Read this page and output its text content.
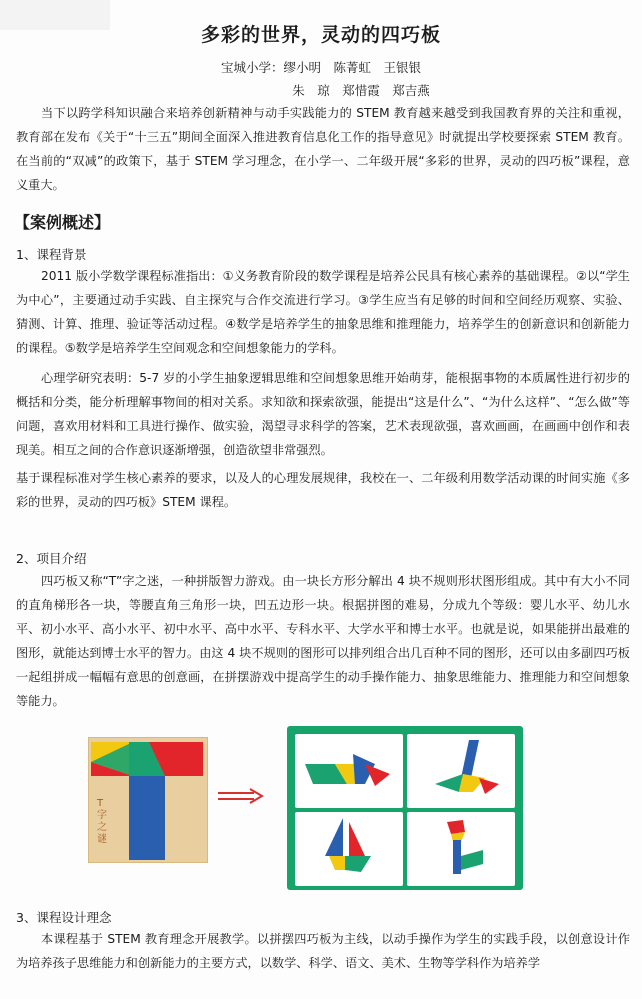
多彩的世界，灵动的四巧板
宝城小学：缪小明　陈菁虹　王银银
朱　琼　郑惜霞　郑吉燕

当下以跨学科知识融合来培养创新精神与动手实践能力的 STEM 教育越来越受到我国教育界的关注和重视，教育部在发布《关于“十三五”期间全面深入推进教育信息化工作的指导意见》时就提出学校要探索 STEM 教育。在当前的“双减”的政策下，基于 STEM 学习理念，在小学一、二年级开展“多彩的世界，灵动的四巧板”课程，意义重大。

【案例概述】
1、课程背景

2011 版小学数学课程标准指出：①义务教育阶段的数学课程是培养公民具有核心素养的基础课程。②以“学生为中心”，主要通过动手实践、自主探究与合作交流进行学习。③学生应当有足够的时间和空间经历观察、实验、猜测、计算、推理、验证等活动过程。④数学是培养学生的抽象思维和推理能力，培养学生的创新意识和创新能力的课程。⑤数学是培养学生空间观念和空间想象能力的学科。

心理学研究表明：5-7 岁的小学生抽象逻辑思维和空间想象思维开始萌芽，能根据事物的本质属性进行初步的概括和分类，能分析理解事物间的相对关系。求知欲和探索欲强，能提出“这是什么”、“为什么这样”、“怎么做”等问题，喜欢用材料和工具进行操作、做实验，渴望寻求科学的答案，艺术表现欲强，喜欢画画，在画画中创作和表现美。相互之间的合作意识逐渐增强，创造欲望非常强烈。

基于课程标准对学生核心素养的要求，以及人的心理发展规律，我校在一、二年级利用数学活动课的时间实施《多彩的世界，灵动的四巧板》STEM 课程。

2、项目介绍

四巧板又称“T”字之迷，一种拼版智力游戏。由一块长方形分解出 4 块不规则形状图形组成。其中有大小不同的直角梯形各一块，等腰直角三角形一块，凹五边形一块。根据拼图的难易，分成九个等级：婴儿水平、幼儿水平、初小水平、高小水平、初中水平、高中水平、专科水平、大学水平和博士水平。也就是说，如果能拼出最难的图形，就能达到博士水平的智力。由这 4 块不规则的图形可以排列组合出几百种不同的图形，还可以由多副四巧板一起组拼成一幅幅有意思的创意画，在拼摆游戏中提高学生的动手操作能力、抽象思维能力、推理能力和空间想象等能力。

T字之谜
3、课程设计理念

本课程基于 STEM 教育理念开展教学。以拼摆四巧板为主线，以动手操作为学生的实践手段，以创意设计作为培养孩子思维能力和创新能力的主要方式，以数学、科学、语文、美术、生物等学科作为培养学
